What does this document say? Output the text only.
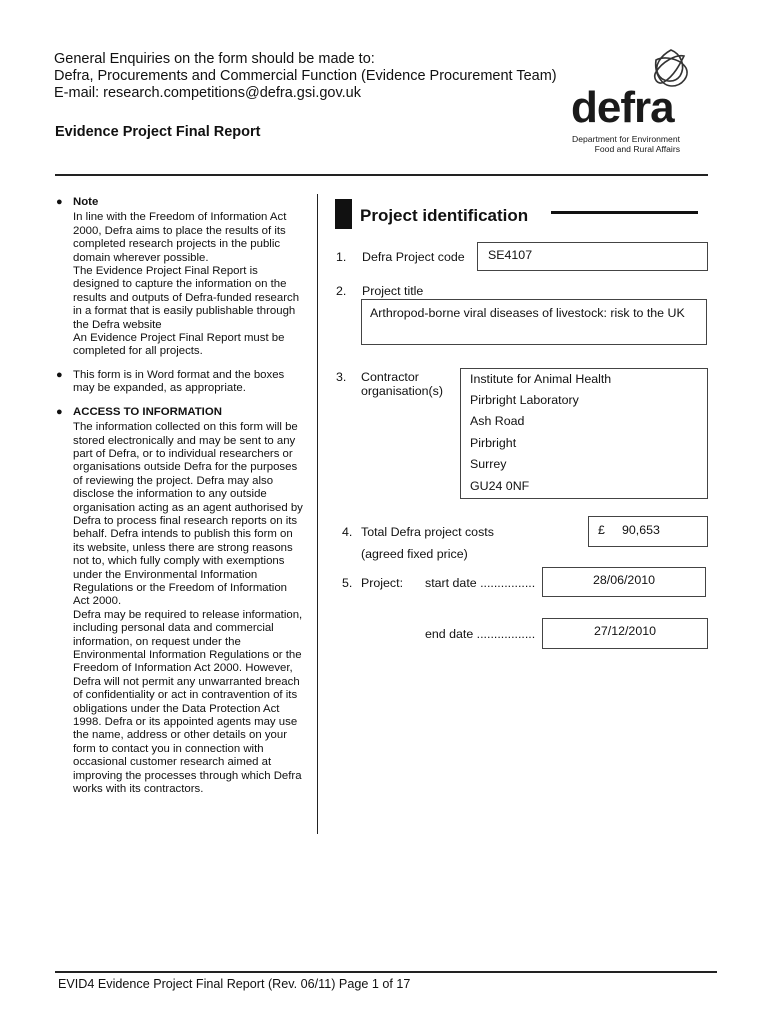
General Enquiries on the form should be made to:
Defra, Procurements and Commercial Function (Evidence Procurement Team)
E-mail: research.competitions@defra.gsi.gov.uk
Evidence Project Final Report	defra
Department for Environment
Food and Rural Affairs
● Note

In line with the Freedom of Information Act 2000, Defra aims to place the results of its completed research projects in the public domain wherever possible.

The Evidence Project Final Report is designed to capture the information on the results and outputs of Defra-funded research in a format that is easily publishable through the Defra website

An Evidence Project Final Report must be completed for all projects.

● This form is in Word format and the boxes may be expanded, as appropriate.

● ACCESS TO INFORMATION

The information collected on this form will be stored electronically and may be sent to any part of Defra, or to individual researchers or organisations outside Defra for the purposes of reviewing the project. Defra may also disclose the information to any outside organisation acting as an agent authorised by Defra to process final research reports on its behalf. Defra intends to publish this form on its website, unless there are strong reasons not to, which fully comply with exemptions under the Environmental Information Regulations or the Freedom of Information Act 2000.

Defra may be required to release information, including personal data and commercial information, on request under the Environmental Information Regulations or the Freedom of Information Act 2000. However, Defra will not permit any unwarranted breach of confidentiality or act in contravention of its obligations under the Data Protection Act 1998. Defra or its appointed agents may use the name, address or other details on your form to contact you in connection with occasional customer research aimed at improving the processes through which Defra works with its contractors.

Project identification
1. Defra Project code	SE4107
2. Project title
Arthropod-borne viral diseases of livestock: risk to the UK
3. Contractor
organisation(s)
Institute for Animal Health
Pirbright Laboratory
Ash Road
Pirbright
Surrey
GU24 0NF
4. Total Defra project costs
(agreed fixed price)
£ 90,653
5. Project: start date ................	28/06/2010
end date .................	27/12/2010
EVID4 Evidence Project Final Report (Rev. 06/11) Page 1 of 17
